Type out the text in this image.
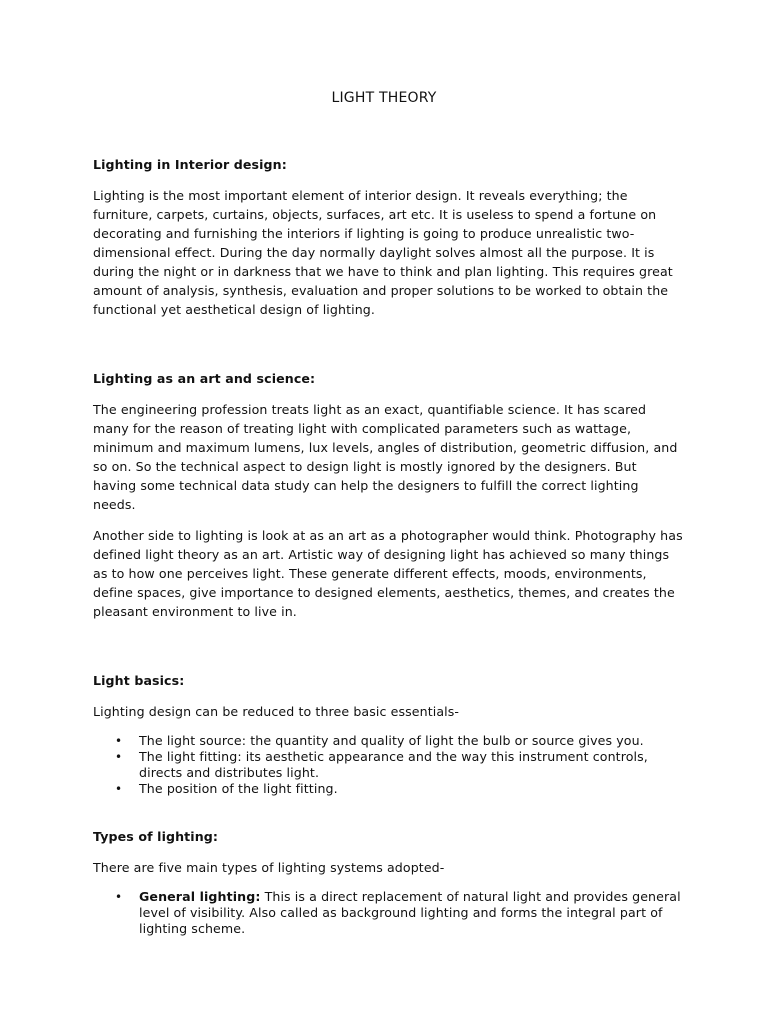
LIGHT THEORY
Lighting in Interior design:
Lighting is the most important element of interior design. It reveals everything; the furniture, carpets, curtains, objects, surfaces, art etc. It is useless to spend a fortune on decorating and furnishing the interiors if lighting is going to produce unrealistic two-dimensional effect. During the day normally daylight solves almost all the purpose. It is during the night or in darkness that we have to think and plan lighting. This requires great amount of analysis, synthesis, evaluation and proper solutions to be worked to obtain the functional yet aesthetical design of lighting.
Lighting as an art and science:
The engineering profession treats light as an exact, quantifiable science. It has scared many for the reason of treating light with complicated parameters such as wattage, minimum and maximum lumens, lux levels, angles of distribution, geometric diffusion, and so on. So the technical aspect to design light is mostly ignored by the designers. But having some technical data study can help the designers to fulfill the correct lighting needs.
Another side to lighting is look at as an art as a photographer would think. Photography has defined light theory as an art. Artistic way of designing light has achieved so many things as to how one perceives light. These generate different effects, moods, environments, define spaces, give importance to designed elements, aesthetics, themes, and creates the pleasant environment to live in.
Light basics:
Lighting design can be reduced to three basic essentials-
• The light source: the quantity and quality of light the bulb or source gives you.
• The light fitting: its aesthetic appearance and the way this instrument controls, directs and distributes light.
• The position of the light fitting.
Types of lighting:
There are five main types of lighting systems adopted-
• General lighting: This is a direct replacement of natural light and provides general level of visibility. Also called as background lighting and forms the integral part of lighting scheme.
